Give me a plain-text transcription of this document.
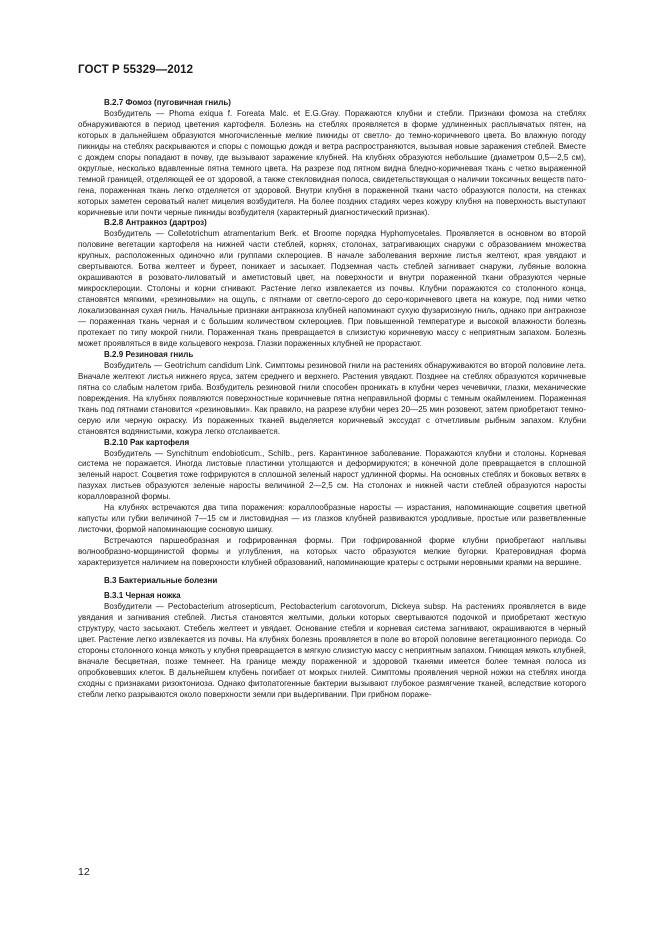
ГОСТ Р 55329—2012

В.2.7 Фомоз (пуговичная гниль)

Возбудитель — Phoma exiqua f. Foreata Malc. et E.G.Gray. Поражаются клубни и стебли. Признаки фомоза на стеблях обнаруживаются в период цветения картофеля. Болезнь на стеблях проявляется в форме удлиненных расплывчатых пятен, на которых в дальнейшем образуются многочисленные мелкие пикниды от светло- до темно-коричневого цвета. Во влажную погоду пикниды на стеблях раскрываются и споры с помощью дождя и ветра распространяются, вызывая новые заражения стеблей. Вместе с дождем споры попадают в почву, где вызывают заражение клубней. На клубнях образуются небольшие (диаметром 0,5—2,5 см), округлые, несколько вдавленные пятна темного цвета. На разрезе под пятном видна бледно-коричневая ткань с четко выраженной темной границей, отделяющей ее от здоровой, а также стекловидная полоса, свидетельствующая о наличии токсичных веществ патогена, пораженная ткань легко отделяется от здоровой. Внутри клубня в пораженной ткани часто образуются полости, на стенках которых заметен сероватый налет мицелия возбудителя. На более поздних стадиях через кожуру клубня на поверхность выступают коричневые или почти черные пикниды возбудителя (характерный диагностический признак).

В.2.8 Антракноз (дартроз)

Возбудитель — Colletotrichum atramentarium Berk. et Broome порядка Hyphomycetales. Проявляется в основном во второй половине вегетации картофеля на нижней части стеблей, корнях, столонах, затрагивающих снаружи с образованием множества крупных, расположенных одиночно или группами склероциев. В начале заболевания верхние листья желтеют, края увядают и свертываются. Ботва желтеет и буреет, поникает и засыхает. Подземная часть стеблей загнивает снаружи, лубяные волокна окрашиваются в розовато-лиловатый и аметистовый цвет, на поверхности и внутри пораженной ткани образуются черные микросклероции. Столоны и корни сгнивают. Растение легко извлекается из почвы. Клубни поражаются со столонного конца, становятся мягкими, «резиновыми» на ощупь, с пятнами от светло-серого до серо-коричневого цвета на кожуре, под ними четко локализованная сухая гниль. Начальные признаки антракноза клубней напоминают сухую фузариозную гниль, однако при антракнозе — пораженная ткань черная и с большим количеством склероциев. При повышенной температуре и высокой влажности болезнь протекает по типу мокрой гнили. Пораженная ткань превращается в слизистую коричневую массу с неприятным запахом. Болезнь может проявляться в виде кольцевого некроза. Глазки пораженных клубней не прорастают.

В.2.9 Резиновая гниль

Возбудитель — Geotrichum candidum Link. Симптомы резиновой гнили на растениях обнаруживаются во второй половине лета. Вначале желтеют листья нижнего яруса, затем среднего и верхнего. Растения увядают. Позднее на стеблях образуются коричневые пятна со слабым налетом гриба. Возбудитель резиновой гнили способен проникать в клубни через чечевички, глазки, механические повреждения. На клубнях появляются поверхностные коричневые пятна неправильной формы с темным окаймлением. Пораженная ткань под пятнами становится «резиновыми». Как правило, на разрезе клубни через 20—25 мин розовеют, затем приобретают темно-серую или черную окраску. Из пораженных тканей выделяется коричневый экссудат с отчетливым рыбным запахом. Клубни становятся водянистыми, кожура легко отслаивается.

В.2.10 Рак картофеля

Возбудитель — Synchitnum endobioticum., Schilb., pers. Карантинное заболевание. Поражаются клубни и столоны. Корневая система не поражается. Иногда листовые пластинки утолщаются и деформируются; в конечной доле превращается в сплошной зеленый нарост. Соцветия тоже гофрируются в сплошной зеленый нарост удлинной формы. На основных стеблях и боковых ветвях в пазухах листьев образуются зеленые наросты величиной 2—2,5 см. На столонах и нижней части стеблей образуются наросты коралловразной формы.

На клубнях встречаются два типа поражения: кораллообразные наросты — израстания, напоминающие соцветия цветной капусты или губки величиной 7—15 см и листовидная — из глазков клубней развиваются уродливые, простые или разветвленные листочки, формой напоминающие сосновую шишку.

Встречаются паршеобразная и гофрированная формы. При гофрированной форме клубни приобретают наплывы волнообразно-морщинистой формы и углубления, на которых часто образуются мелкие бугорки. Кратеровидная форма характеризуется наличием на поверхности клубней образований, напоминающие кратеры с острыми неровными краями на вершине.

В.3 Бактериальные болезни

В.3.1 Черная ножка

Возбудители — Pectobacterium atrosepticum, Pectobacterium carotovorum, Dickeya subsp. На растениях проявляется в виде увядания и загнивания стеблей. Листья становятся желтыми, дольки которых свертываются подочкой и приобретают жесткую структуру, часто засыхают. Стебель желтеет и увядает. Основание стебля и корневая система загнивают, окрашиваются в черный цвет. Растение легко извлекается из почвы. На клубнях болезнь проявляется в поле во второй половине вегетационного периода. Со стороны столонного конца мякоть у клубня превращается в мягкую слизистую массу с неприятным запахом. Гниющая мякоть клубней, вначале бесцветная, позже темнеет. На границе между пораженной и здоровой тканями имеется более темная полоса из опробковевших клеток. В дальнейшем клубень погибает от мокрых гнилей. Симптомы проявления черной ножки на стеблях иногда сходны с признаками ризоктониоза. Однако фитопатогенные бактерии вызывают глубокое размягчение тканей, вследствие которого стебли легко разрываются около поверхности земли при выдергивании. При грибном пораже-

12
